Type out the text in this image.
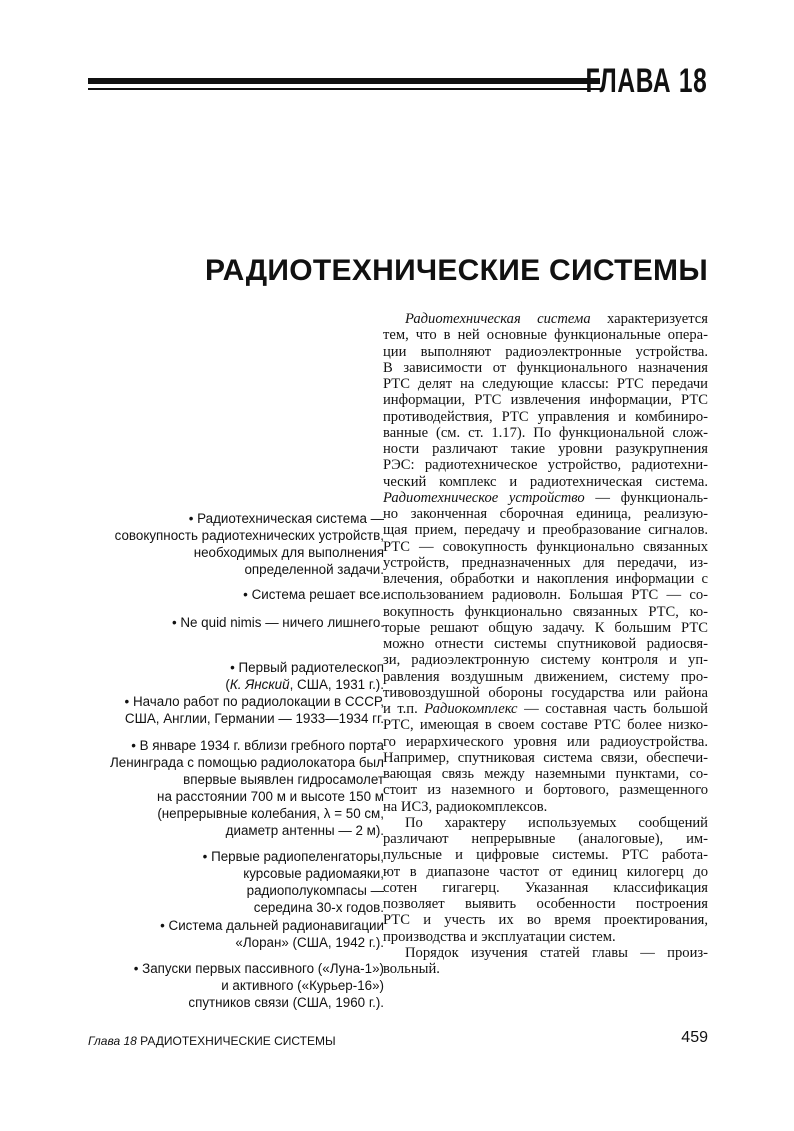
ГЛАВА 18
РАДИОТЕХНИЧЕСКИЕ СИСТЕМЫ
Радиотехническая система характеризуется
тем, что в ней основные функциональные опера-
ции выполняют радиоэлектронные устройства.
В зависимости от функционального назначения
РТС делят на следующие классы: РТС передачи
информации, РТС извлечения информации, РТС
противодействия, РТС управления и комбиниро-
ванные (см. ст. 1.17). По функциональной слож-
ности различают такие уровни разукрупнения
РЭС: радиотехническое устройство, радиотехни-
ческий комплекс и радиотехническая система.
Радиотехническое устройство — функциональ-
но законченная сборочная единица, реализую-
щая прием, передачу и преобразование сигналов.
РТС — совокупность функционально связанных
устройств, предназначенных для передачи, из-
влечения, обработки и накопления информации с
использованием радиоволн. Большая РТС — со-
вокупность функционально связанных РТС, ко-
торые решают общую задачу. К большим РТС
можно отнести системы спутниковой радиосвя-
зи, радиоэлектронную систему контроля и уп-
равления воздушным движением, систему про-
тивовоздушной обороны государства или района
и т.п. Радиокомплекс — составная часть большой
РТС, имеющая в своем составе РТС более низко-
го иерархического уровня или радиоустройства.
Например, спутниковая система связи, обеспечи-
вающая связь между наземными пунктами, со-
стоит из наземного и бортового, размещенного
на ИСЗ, радиокомплексов.
По характеру используемых сообщений
различают непрерывные (аналоговые), им-
пульсные и цифровые системы. РТС работа-
ют в диапазоне частот от единиц килогерц до
сотен гигагерц. Указанная классификация
позволяет выявить особенности построения
РТС и учесть их во время проектирования,
производства и эксплуатации систем.
Порядок изучения статей главы — произ-
вольный.
• Радиотехническая система —
совокупность радиотехнических устройств,
необходимых для выполнения
определенной задачи.
• Система решает все.
• Ne quid nimis — ничего лишнего.
• Первый радиотелескоп
(К. Янский, США, 1931 г.).
• Начало работ по радиолокации в СССР,
США, Англии, Германии — 1933—1934 гг.
• В январе 1934 г. вблизи гребного порта
Ленинграда с помощью радиолокатора был
впервые выявлен гидросамолет
на расстоянии 700 м и высоте 150 м
(непрерывные колебания, λ = 50 см,
диаметр антенны — 2 м).
• Первые радиопеленгаторы,
курсовые радиомаяки,
радиополукомпасы —
середина 30-х годов.
• Система дальней радионавигации
«Лоран» (США, 1942 г.).
• Запуски первых пассивного («Луна-1»)
и активного («Курьер-16»)
спутников связи (США, 1960 г.).
Глава 18 РАДИОТЕХНИЧЕСКИЕ СИСТЕМЫ	459
